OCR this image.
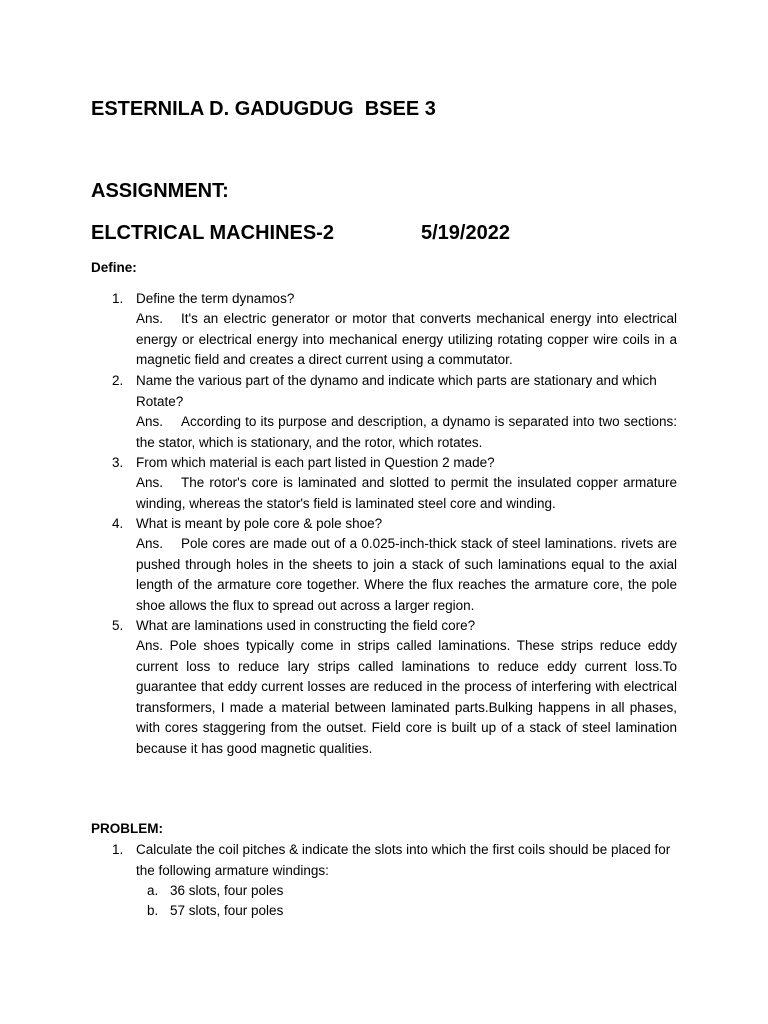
ESTERNILA D. GADUGDUG  BSEE 3
ASSIGNMENT:
ELCTRICAL MACHINES-2	5/19/2022
Define:
1. Define the term dynamos?
Ans. It's an electric generator or motor that converts mechanical energy into electrical energy or electrical energy into mechanical energy utilizing rotating copper wire coils in a magnetic field and creates a direct current using a commutator.
2. Name the various part of the dynamo and indicate which parts are stationary and which Rotate?
Ans. According to its purpose and description, a dynamo is separated into two sections: the stator, which is stationary, and the rotor, which rotates.
3. From which material is each part listed in Question 2 made?
Ans. The rotor's core is laminated and slotted to permit the insulated copper armature winding, whereas the stator's field is laminated steel core and winding.
4. What is meant by pole core & pole shoe?
Ans. Pole cores are made out of a 0.025-inch-thick stack of steel laminations. rivets are pushed through holes in the sheets to join a stack of such laminations equal to the axial length of the armature core together. Where the flux reaches the armature core, the pole shoe allows the flux to spread out across a larger region.
5. What are laminations used in constructing the field core?
Ans. Pole shoes typically come in strips called laminations. These strips reduce eddy current loss to reduce lary strips called laminations to reduce eddy current loss.To guarantee that eddy current losses are reduced in the process of interfering with electrical transformers, I made a material between laminated parts.Bulking happens in all phases, with cores staggering from the outset. Field core is built up of a stack of steel lamination because it has good magnetic qualities.
PROBLEM:
1. Calculate the coil pitches & indicate the slots into which the first coils should be placed for the following armature windings:
a. 36 slots, four poles
b. 57 slots, four poles
